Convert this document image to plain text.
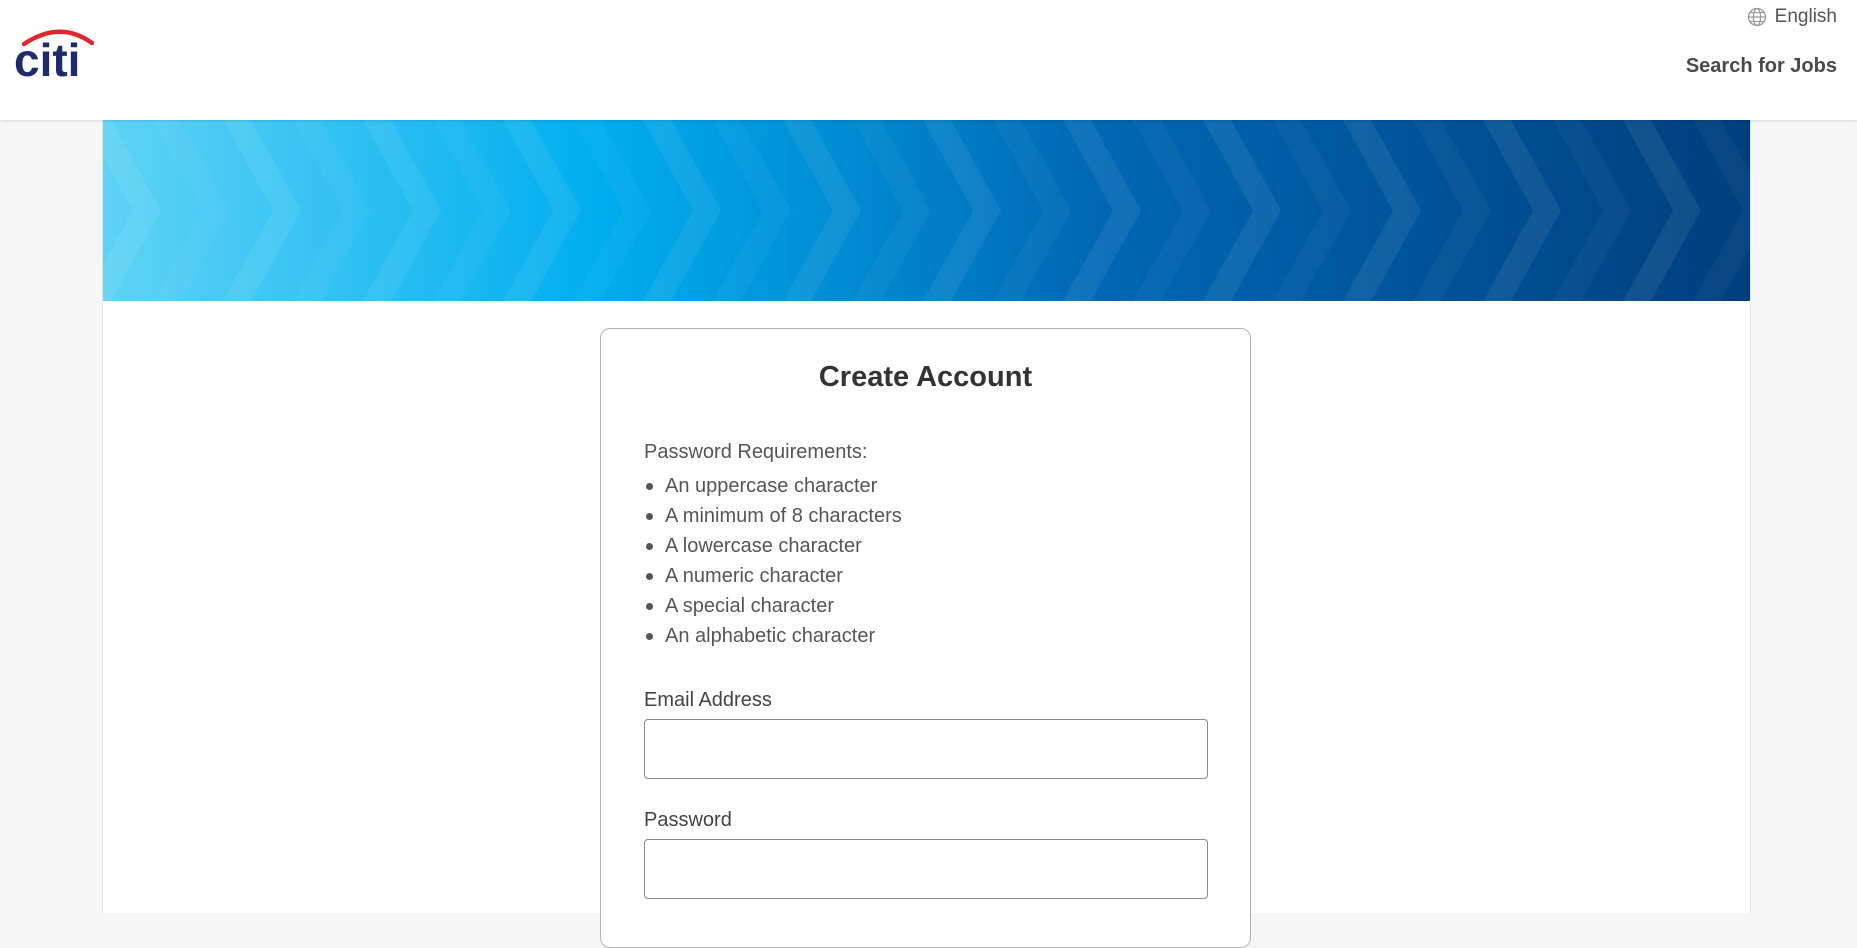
citi
English
Search for Jobs
Create Account
Password Requirements:
An uppercase character
A minimum of 8 characters
A lowercase character
A numeric character
A special character
An alphabetic character
Email Address
Password
